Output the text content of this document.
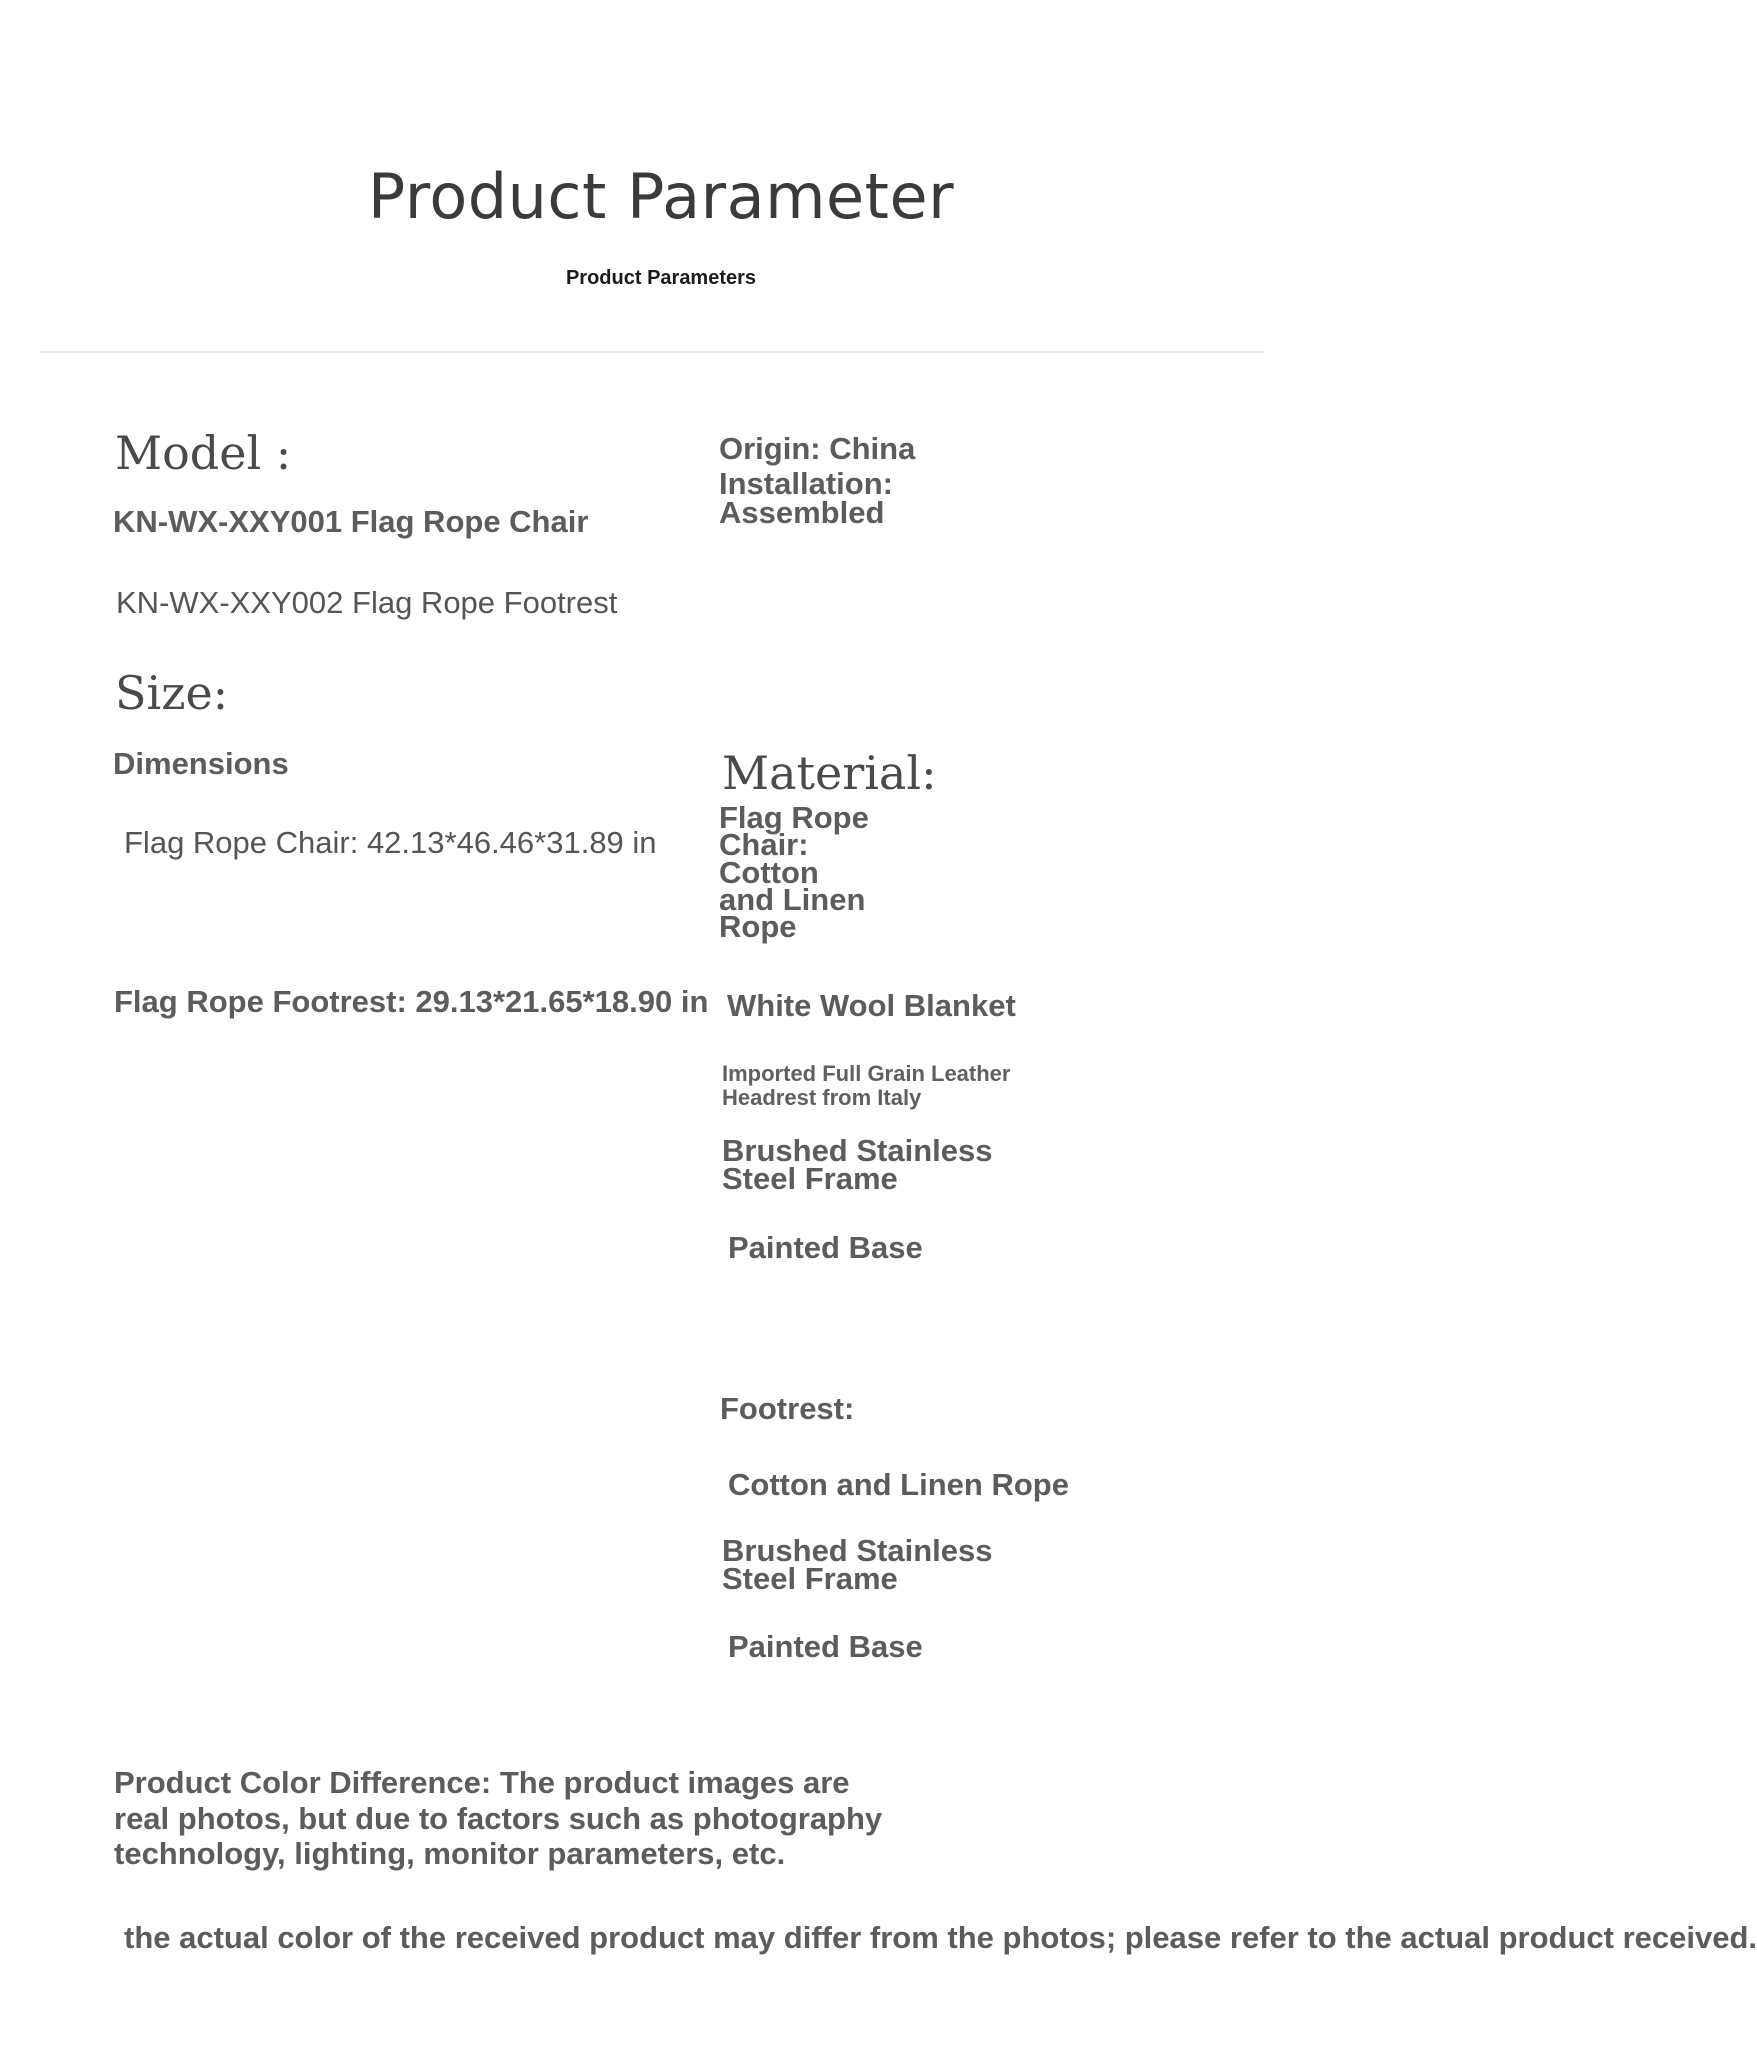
Product Parameter
Product Parameters
Model :
KN-WX-XXY001 Flag Rope Chair
KN-WX-XXY002 Flag Rope Footrest
Origin: China
Installation:
Assembled
Size:
Dimensions
Flag Rope Chair: 42.13*46.46*31.89 in
Flag Rope Footrest: 29.13*21.65*18.90 in
Material:
Flag Rope
Chair:
Cotton
and Linen
Rope
White Wool Blanket
Imported Full Grain Leather
Headrest from Italy
Brushed Stainless
Steel Frame
Painted Base
Footrest:
Cotton and Linen Rope
Brushed Stainless
Steel Frame
Painted Base
Product Color Difference: The product images are
real photos, but due to factors such as photography
technology, lighting, monitor parameters, etc.
the actual color of the received product may differ from the photos; please refer to the actual product received.
